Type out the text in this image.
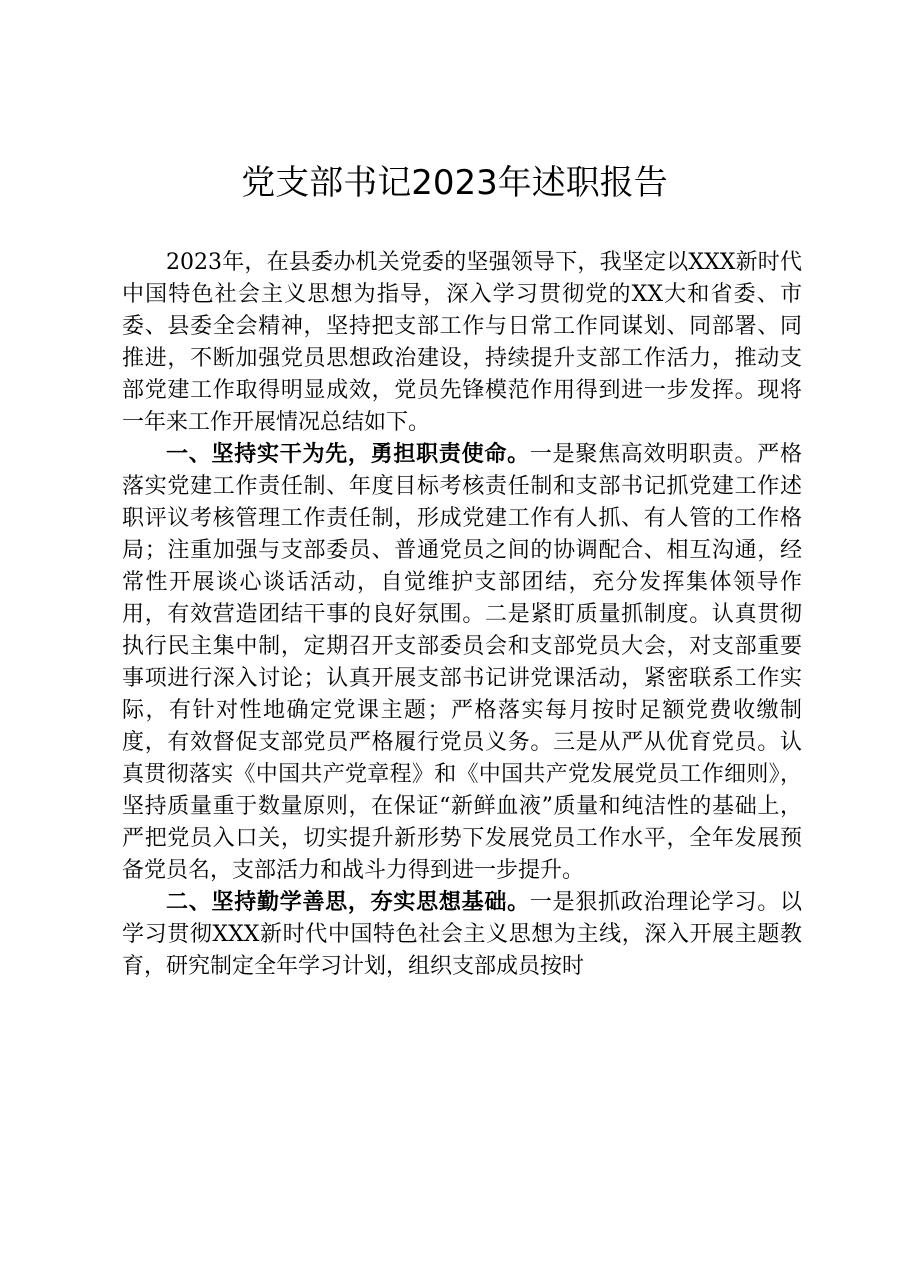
党支部书记2023年述职报告

2023年，在县委办机关党委的坚强领导下，我坚定以XXX新时代中国特色社会主义思想为指导，深入学习贯彻党的XX大和省委、市委、县委全会精神，坚持把支部工作与日常工作同谋划、同部署、同推进，不断加强党员思想政治建设，持续提升支部工作活力，推动支部党建工作取得明显成效，党员先锋模范作用得到进一步发挥。现将一年来工作开展情况总结如下。

一、坚持实干为先，勇担职责使命。一是聚焦高效明职责。严格落实党建工作责任制、年度目标考核责任制和支部书记抓党建工作述职评议考核管理工作责任制，形成党建工作有人抓、有人管的工作格局；注重加强与支部委员、普通党员之间的协调配合、相互沟通，经常性开展谈心谈话活动，自觉维护支部团结，充分发挥集体领导作用，有效营造团结干事的良好氛围。二是紧盯质量抓制度。认真贯彻执行民主集中制，定期召开支部委员会和支部党员大会，对支部重要事项进行深入讨论；认真开展支部书记讲党课活动，紧密联系工作实际，有针对性地确定党课主题；严格落实每月按时足额党费收缴制度，有效督促支部党员严格履行党员义务。三是从严从优育党员。认真贯彻落实《中国共产党章程》和《中国共产党发展党员工作细则》，坚持质量重于数量原则，在保证“新鲜血液”质量和纯洁性的基础上，严把党员入口关，切实提升新形势下发展党员工作水平，全年发展预备党员名，支部活力和战斗力得到进一步提升。

二、坚持勤学善思，夯实思想基础。一是狠抓政治理论学习。以学习贯彻XXX新时代中国特色社会主义思想为主线，深入开展主题教育，研究制定全年学习计划，组织支部成员按时
